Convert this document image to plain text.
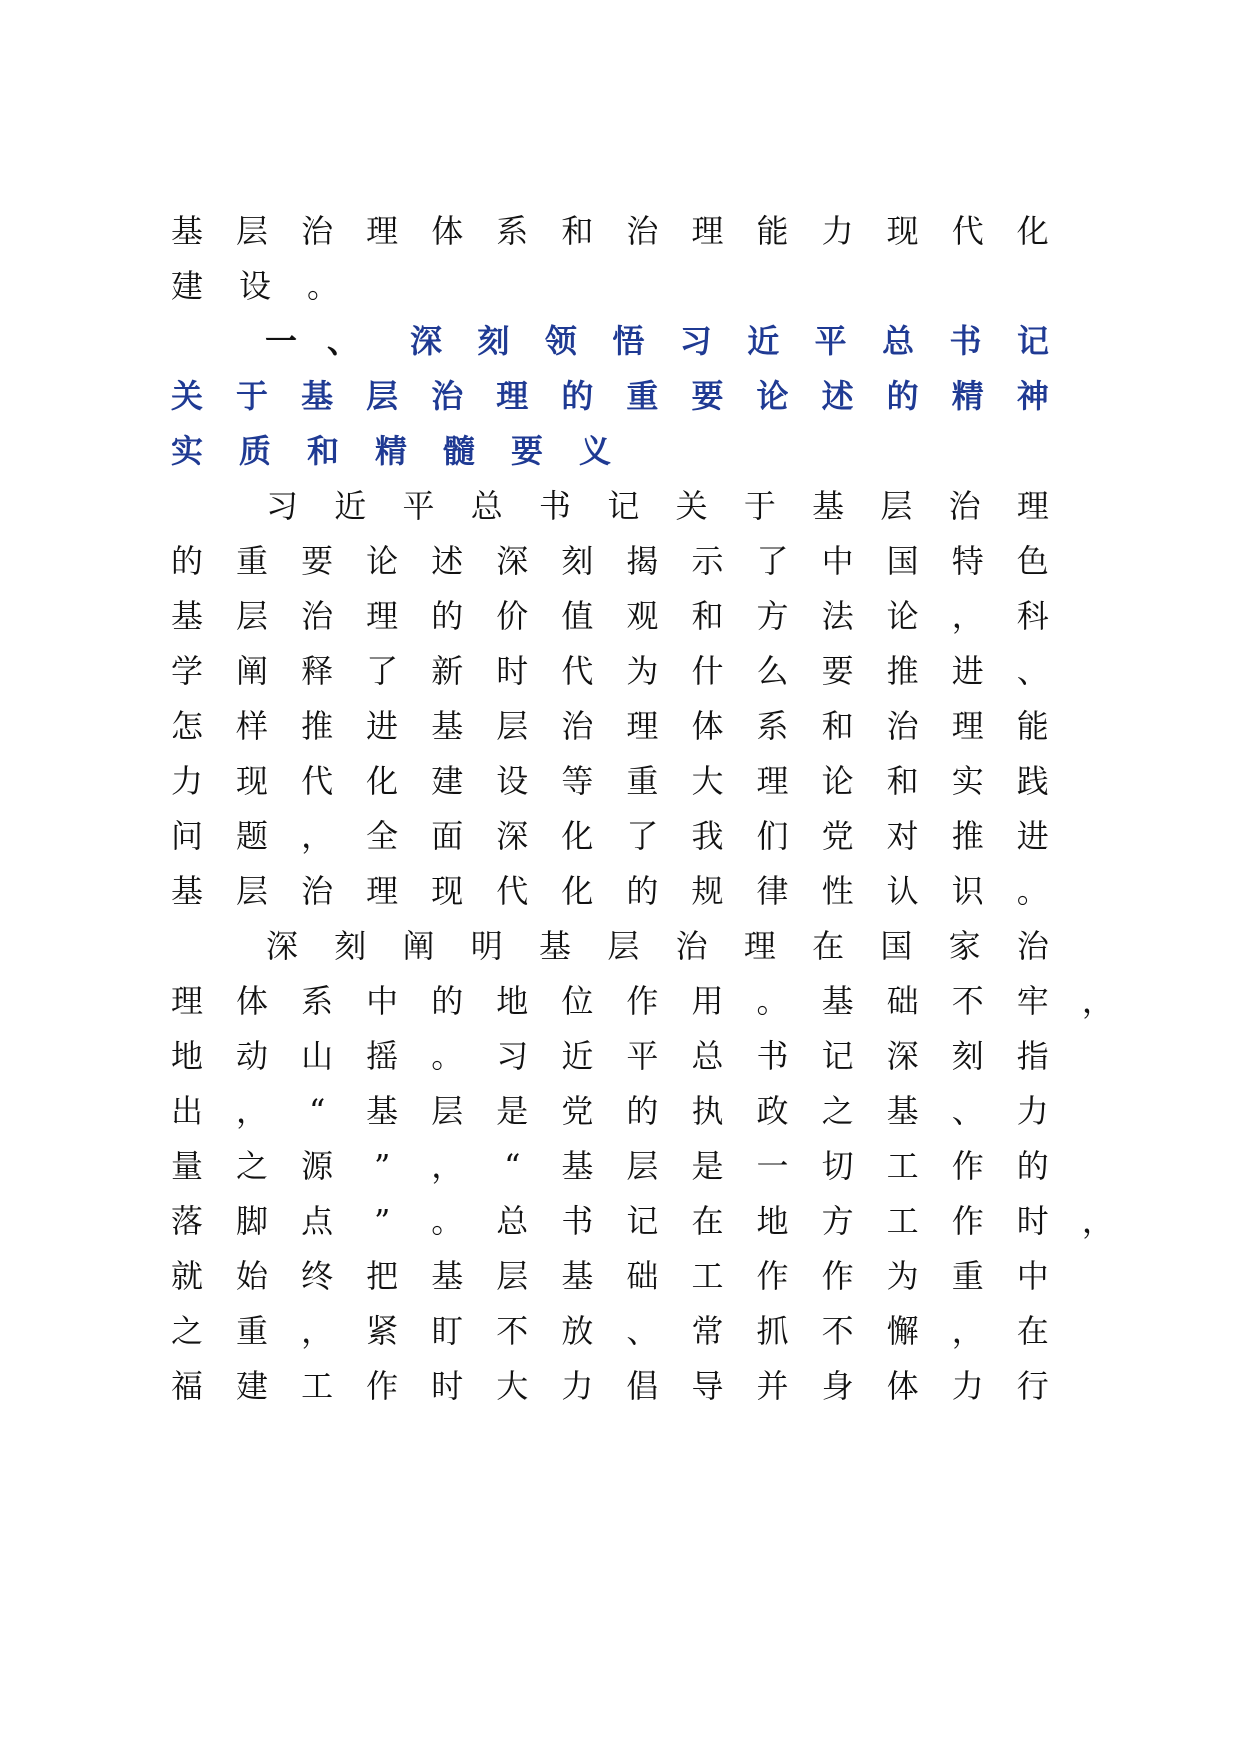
基 层 治 理 体 系 和 治 理 能 力 现 代 化
建 设 。
一、 深 刻 领 悟 习 近 平 总 书 记
关 于 基 层 治 理 的 重 要 论 述 的 精 神
实 质 和 精 髓 要 义
习 近 平 总 书 记 关 于 基 层 治 理
的 重 要 论 述 深 刻 揭 示 了 中 国 特 色
基 层 治 理 的 价 值 观 和 方 法 论 ， 科
学 阐 释 了 新 时 代 为 什 么 要 推 进 、
怎 样 推 进 基 层 治 理 体 系 和 治 理 能
力 现 代 化 建 设 等 重 大 理 论 和 实 践
问 题 ， 全 面 深 化 了 我 们 党 对 推 进
基 层 治 理 现 代 化 的 规 律 性 认 识 。
深 刻 阐 明 基 层 治 理 在 国 家 治
理 体 系 中 的 地 位 作 用 。 基 础 不 牢 ，
地 动 山 摇 。 习 近 平 总 书 记 深 刻 指
出 ， “ 基 层 是 党 的 执 政 之 基 、 力
量 之 源 ” ， “ 基 层 是 一 切 工 作 的
落 脚 点 ” 。 总 书 记 在 地 方 工 作 时 ，
就 始 终 把 基 层 基 础 工 作 作 为 重 中
之 重 ， 紧 盯 不 放 、 常 抓 不 懈 ， 在
福 建 工 作 时 大 力 倡 导 并 身 体 力 行
